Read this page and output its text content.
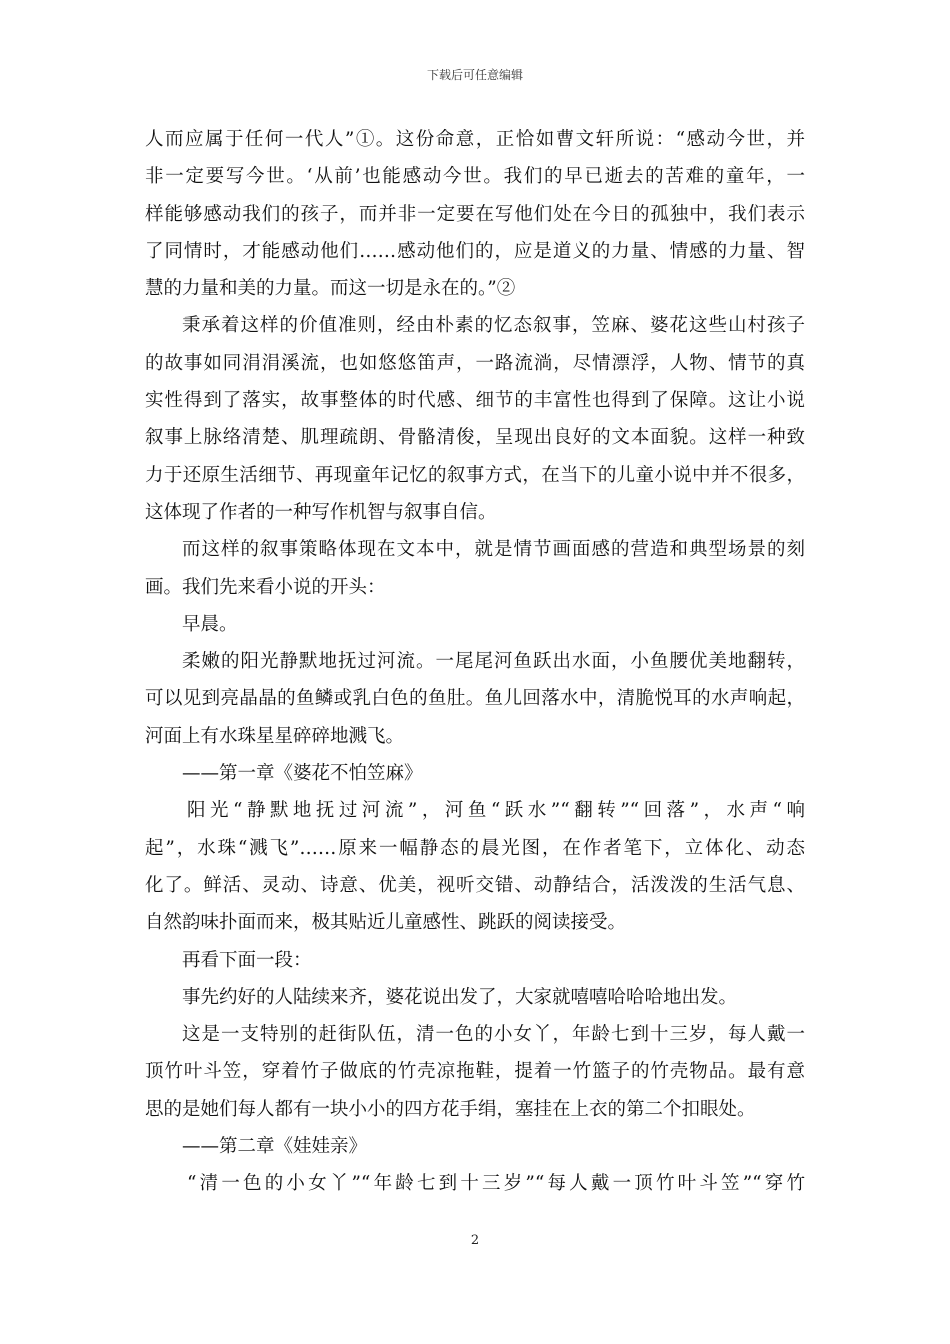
下载后可任意编辑
人而应属于任何一代人”①。这份命意，正恰如曹文轩所说：“感动今世，并
非一定要写今世。‘从前’也能感动今世。我们的早已逝去的苦难的童年，一
样能够感动我们的孩子，而并非一定要在写他们处在今日的孤独中，我们表示
了同情时，才能感动他们……感动他们的，应是道义的力量、情感的力量、智
慧的力量和美的力量。而这一切是永在的。”②
秉承着这样的价值准则，经由朴素的忆态叙事，笠麻、婆花这些山村孩子
的故事如同涓涓溪流，也如悠悠笛声，一路流淌，尽情漂浮，人物、情节的真
实性得到了落实，故事整体的时代感、细节的丰富性也得到了保障。这让小说
叙事上脉络清楚、肌理疏朗、骨骼清俊，呈现出良好的文本面貌。这样一种致
力于还原生活细节、再现童年记忆的叙事方式，在当下的儿童小说中并不很多，
这体现了作者的一种写作机智与叙事自信。
而这样的叙事策略体现在文本中，就是情节画面感的营造和典型场景的刻
画。我们先来看小说的开头：
早晨。
柔嫩的阳光静默地抚过河流。一尾尾河鱼跃出水面，小鱼腰优美地翻转，
可以见到亮晶晶的鱼鳞或乳白色的鱼肚。鱼儿回落水中，清脆悦耳的水声响起，
河面上有水珠星星碎碎地溅飞。
——第一章《婆花不怕笠麻》
阳光“静默地抚过河流”，河鱼“跃水”“翻转”“回落”，水声“响
起”，水珠“溅飞”……原来一幅静态的晨光图，在作者笔下，立体化、动态
化了。鲜活、灵动、诗意、优美，视听交错、动静结合，活泼泼的生活气息、
自然韵味扑面而来，极其贴近儿童感性、跳跃的阅读接受。
再看下面一段：
事先约好的人陆续来齐，婆花说出发了，大家就嘻嘻哈哈哈地出发。
这是一支特别的赶街队伍，清一色的小女丫，年龄七到十三岁，每人戴一
顶竹叶斗笠，穿着竹子做底的竹壳凉拖鞋，提着一竹篮子的竹壳物品。最有意
思的是她们每人都有一块小小的四方花手绢，塞挂在上衣的第二个扣眼处。
——第二章《娃娃亲》
“清一色的小女丫”“年龄七到十三岁”“每人戴一顶竹叶斗笠”“穿竹
2
